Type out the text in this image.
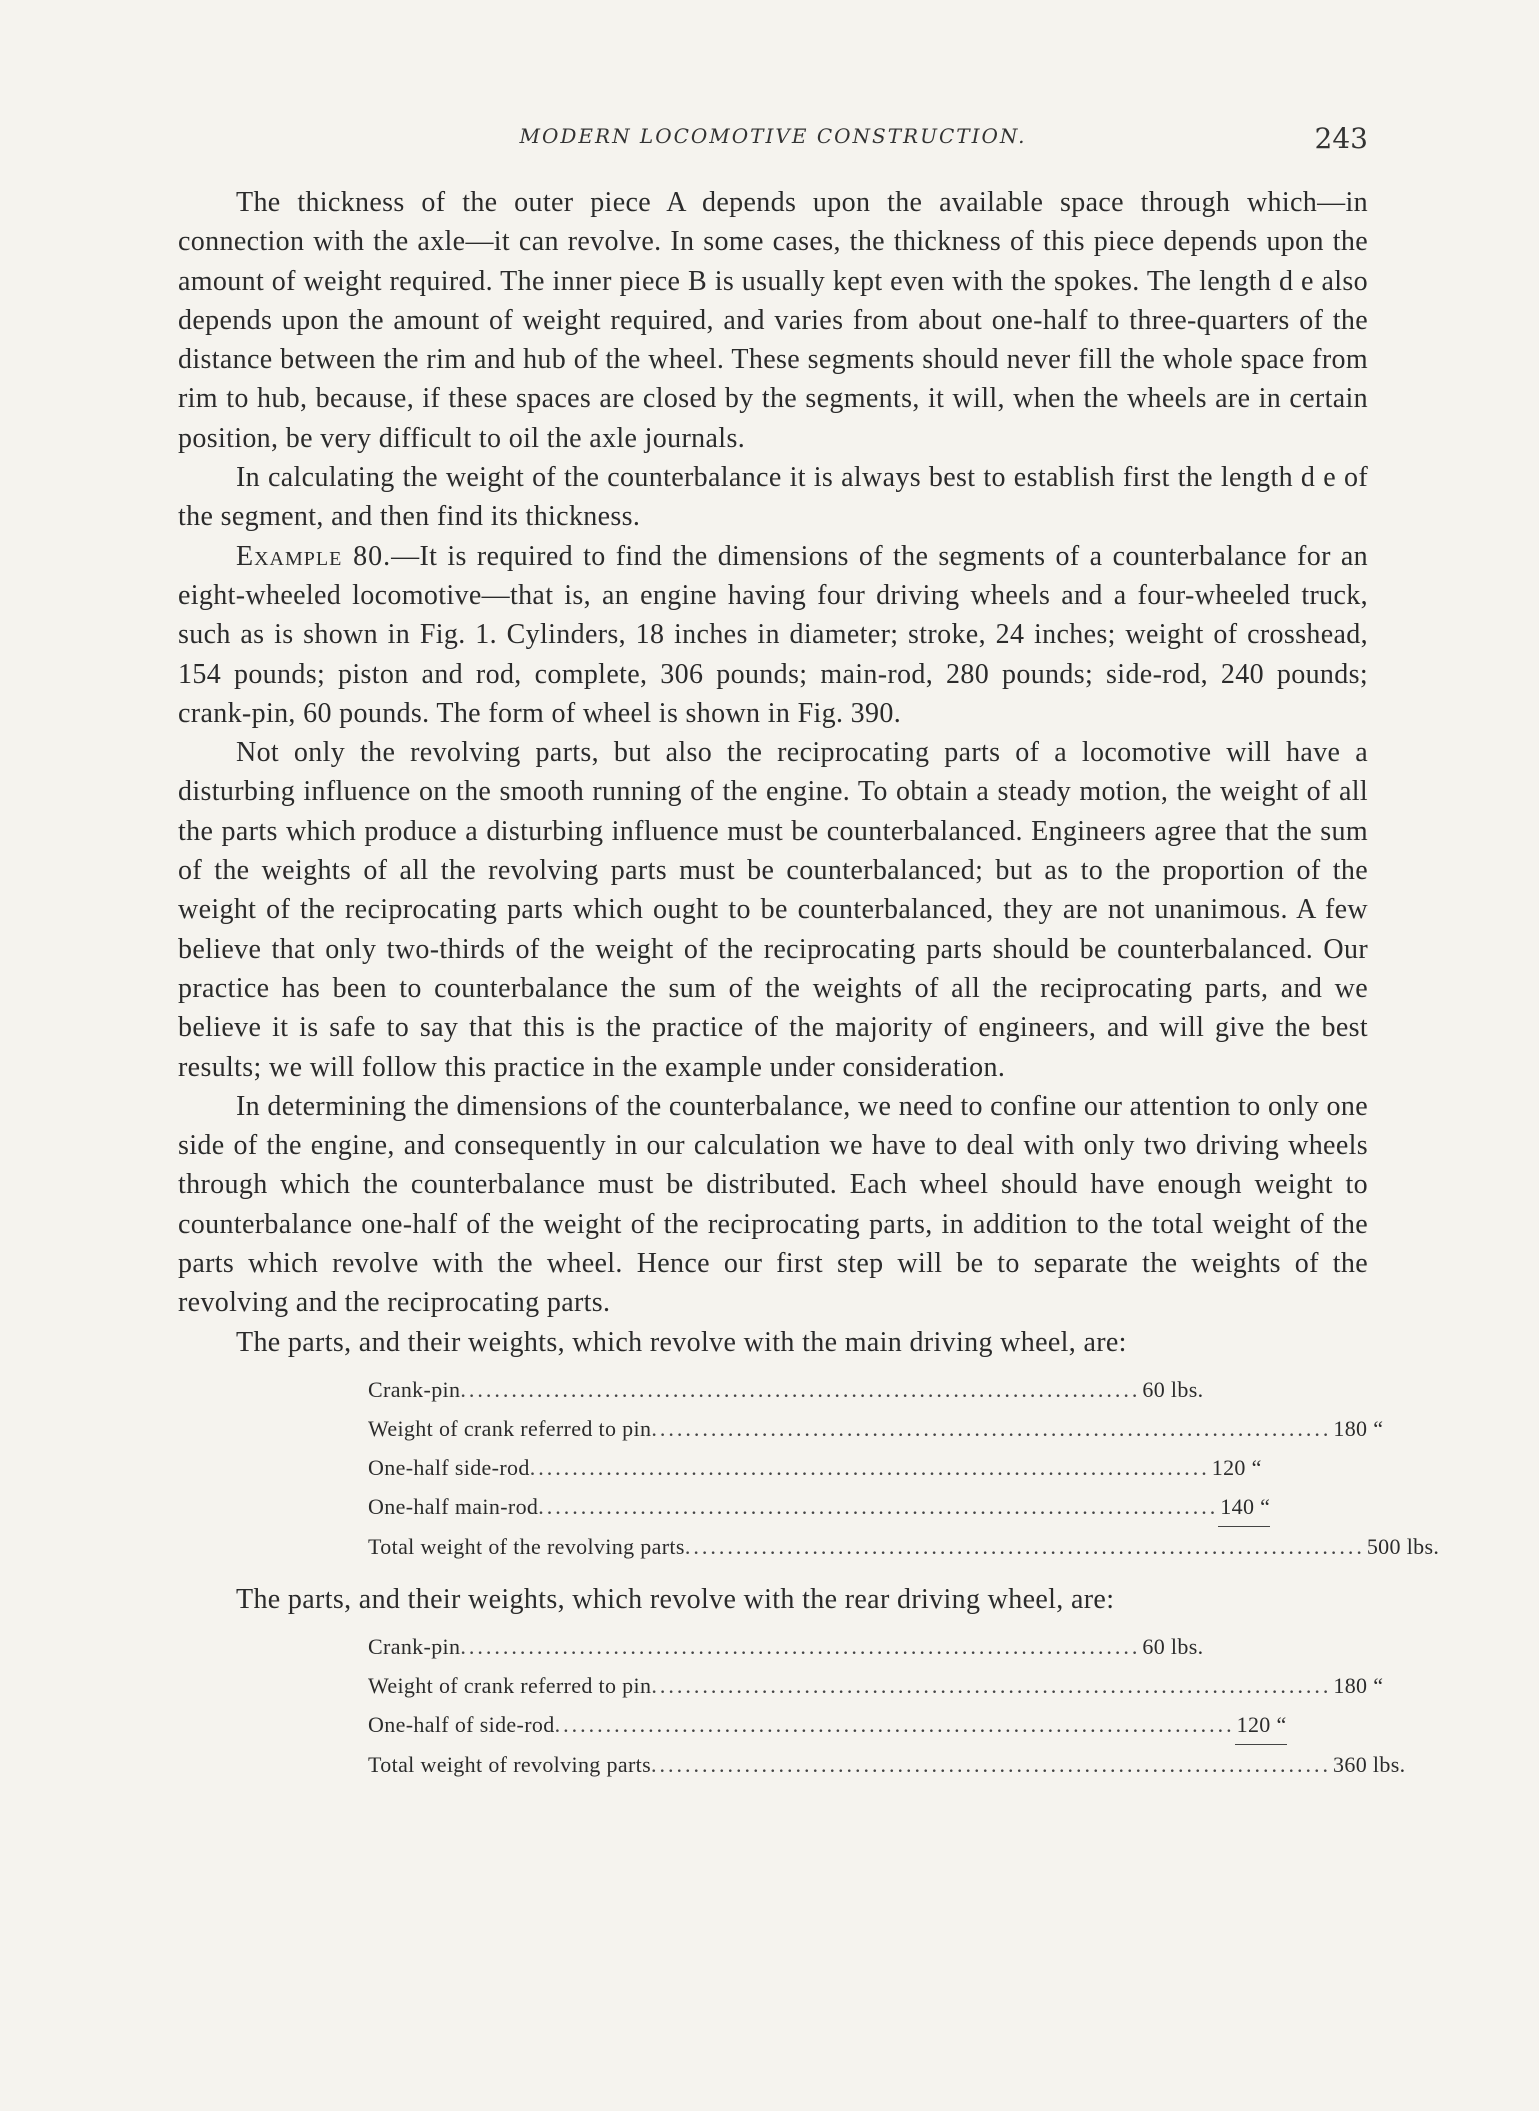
MODERN LOCOMOTIVE CONSTRUCTION.	243

The thickness of the outer piece A depends upon the available space through which—in connection with the axle—it can revolve. In some cases, the thickness of this piece depends upon the amount of weight required. The inner piece B is usually kept even with the spokes. The length d e also depends upon the amount of weight required, and varies from about one-half to three-quarters of the distance between the rim and hub of the wheel. These segments should never fill the whole space from rim to hub, because, if these spaces are closed by the segments, it will, when the wheels are in certain position, be very difficult to oil the axle journals.

In calculating the weight of the counterbalance it is always best to establish first the length d e of the segment, and then find its thickness.

Example 80.—It is required to find the dimensions of the segments of a counterbalance for an eight-wheeled locomotive—that is, an engine having four driving wheels and a four-wheeled truck, such as is shown in Fig. 1. Cylinders, 18 inches in diameter; stroke, 24 inches; weight of crosshead, 154 pounds; piston and rod, complete, 306 pounds; main-rod, 280 pounds; side-rod, 240 pounds; crank-pin, 60 pounds. The form of wheel is shown in Fig. 390.

Not only the revolving parts, but also the reciprocating parts of a locomotive will have a disturbing influence on the smooth running of the engine. To obtain a steady motion, the weight of all the parts which produce a disturbing influence must be counterbalanced. Engineers agree that the sum of the weights of all the revolving parts must be counterbalanced; but as to the proportion of the weight of the reciprocating parts which ought to be counterbalanced, they are not unanimous. A few believe that only two-thirds of the weight of the reciprocating parts should be counterbalanced. Our practice has been to counterbalance the sum of the weights of all the reciprocating parts, and we believe it is safe to say that this is the practice of the majority of engineers, and will give the best results; we will follow this practice in the example under consideration.

In determining the dimensions of the counterbalance, we need to confine our attention to only one side of the engine, and consequently in our calculation we have to deal with only two driving wheels through which the counterbalance must be distributed. Each wheel should have enough weight to counterbalance one-half of the weight of the reciprocating parts, in addition to the total weight of the parts which revolve with the wheel. Hence our first step will be to separate the weights of the revolving and the reciprocating parts.

The parts, and their weights, which revolve with the main driving wheel, are:

Crank-pin ................................................................................ 60 lbs.
Weight of crank referred to pin ................................................................................ 180 “
One-half side-rod ................................................................................ 120 “
One-half main-rod ................................................................................ 140 “
Total weight of the revolving parts ................................................................................ 500 lbs.

The parts, and their weights, which revolve with the rear driving wheel, are:

Crank-pin ................................................................................ 60 lbs.
Weight of crank referred to pin ................................................................................ 180 “
One-half of side-rod ................................................................................ 120 “
Total weight of revolving parts ................................................................................ 360 lbs.
